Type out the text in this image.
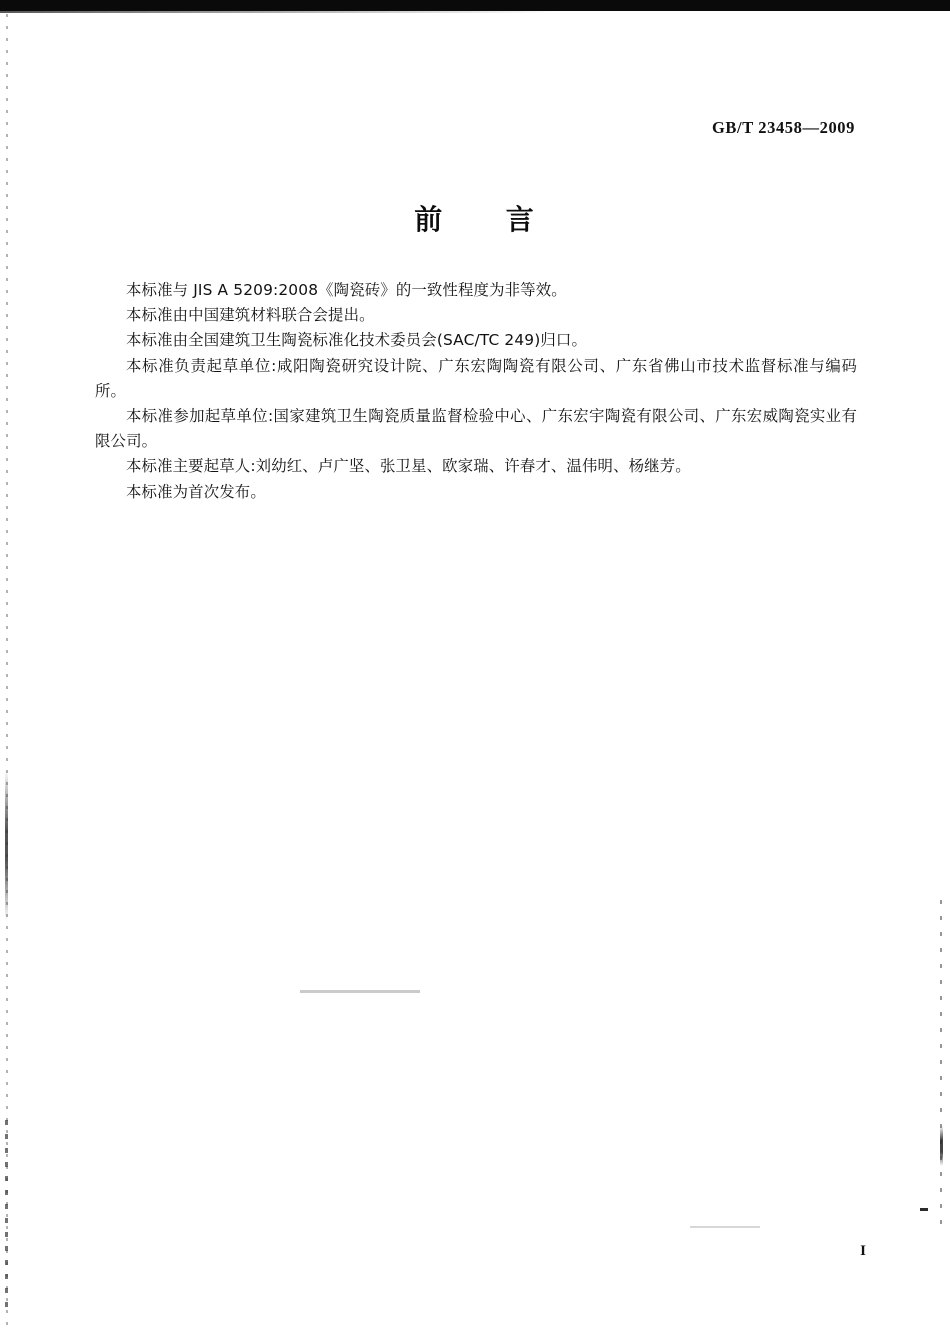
GB/T 23458—2009
前 言

本标准与 JIS A 5209:2008《陶瓷砖》的一致性程度为非等效。

本标准由中国建筑材料联合会提出。

本标准由全国建筑卫生陶瓷标准化技术委员会(SAC/TC 249)归口。

本标准负责起草单位:咸阳陶瓷研究设计院、广东宏陶陶瓷有限公司、广东省佛山市技术监督标准与编码所。

本标准参加起草单位:国家建筑卫生陶瓷质量监督检验中心、广东宏宇陶瓷有限公司、广东宏威陶瓷实业有限公司。

本标准主要起草人:刘幼红、卢广坚、张卫星、欧家瑞、许春才、温伟明、杨继芳。

本标准为首次发布。

I
